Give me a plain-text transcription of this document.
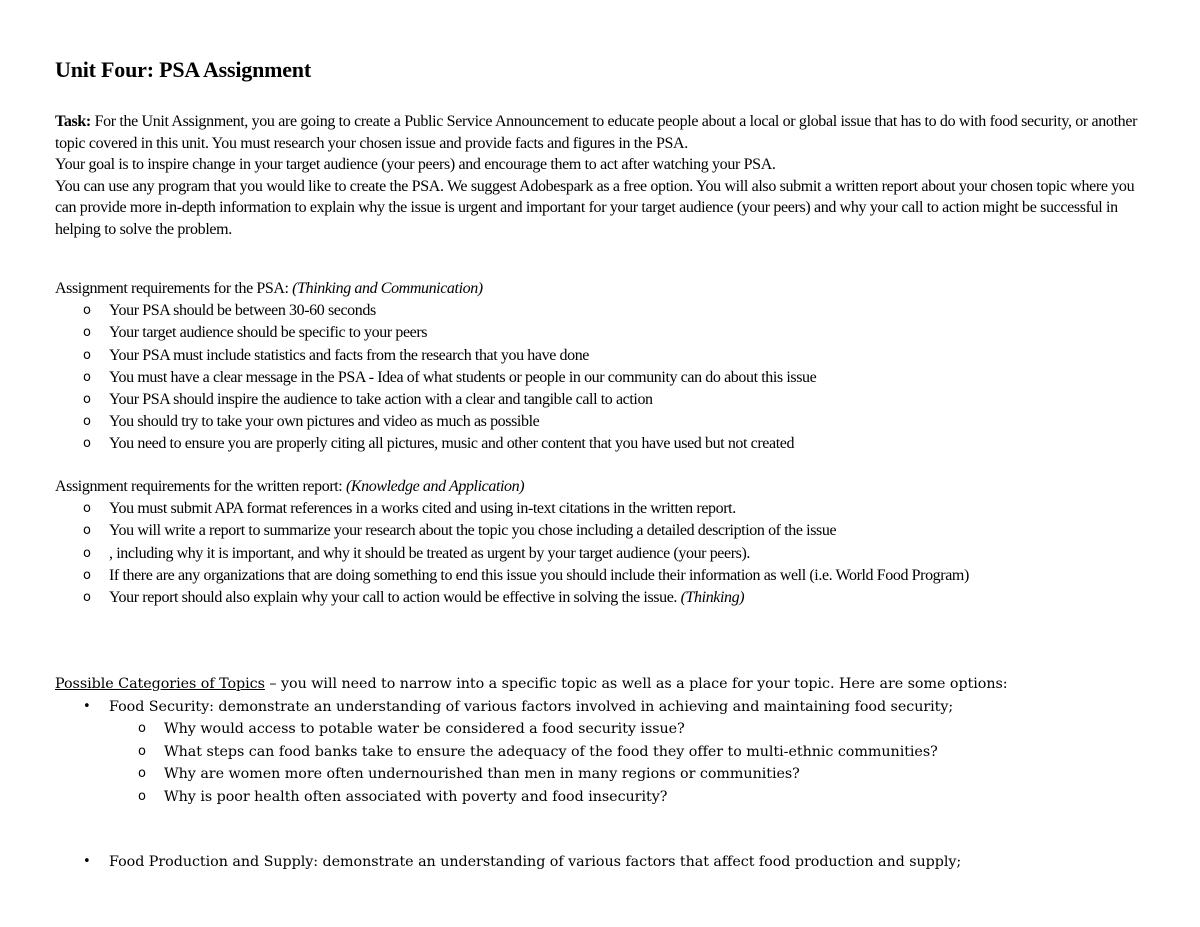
Unit Four: PSA Assignment

Task: For the Unit Assignment, you are going to create a Public Service Announcement to educate people about a local or global issue that has to do with food security, or another topic covered in this unit. You must research your chosen issue and provide facts and figures in the PSA.

Your goal is to inspire change in your target audience (your peers) and encourage them to act after watching your PSA.

You can use any program that you would like to create the PSA. We suggest Adobespark as a free option. You will also submit a written report about your chosen topic where you can provide more in-depth information to explain why the issue is urgent and important for your target audience (your peers) and why your call to action might be successful in helping to solve the problem.

Assignment requirements for the PSA: (Thinking and Communication)

o Your PSA should be between 30-60 seconds
o Your target audience should be specific to your peers
o Your PSA must include statistics and facts from the research that you have done
o You must have a clear message in the PSA - Idea of what students or people in our community can do about this issue
o Your PSA should inspire the audience to take action with a clear and tangible call to action
o You should try to take your own pictures and video as much as possible
o You need to ensure you are properly citing all pictures, music and other content that you have used but not created

Assignment requirements for the written report: (Knowledge and Application)

o You must submit APA format references in a works cited and using in-text citations in the written report.
o You will write a report to summarize your research about the topic you chose including a detailed description of the issue
o , including why it is important, and why it should be treated as urgent by your target audience (your peers).
o If there are any organizations that are doing something to end this issue you should include their information as well (i.e. World Food Program)
o Your report should also explain why your call to action would be effective in solving the issue. (Thinking)

Possible Categories of Topics – you will need to narrow into a specific topic as well as a place for your topic. Here are some options:

• Food Security: demonstrate an understanding of various factors involved in achieving and maintaining food security;
o Why would access to potable water be considered a food security issue?
o What steps can food banks take to ensure the adequacy of the food they offer to multi-ethnic communities?
o Why are women more often undernourished than men in many regions or communities?
o Why is poor health often associated with poverty and food insecurity?
• Food Production and Supply: demonstrate an understanding of various factors that affect food production and supply;
